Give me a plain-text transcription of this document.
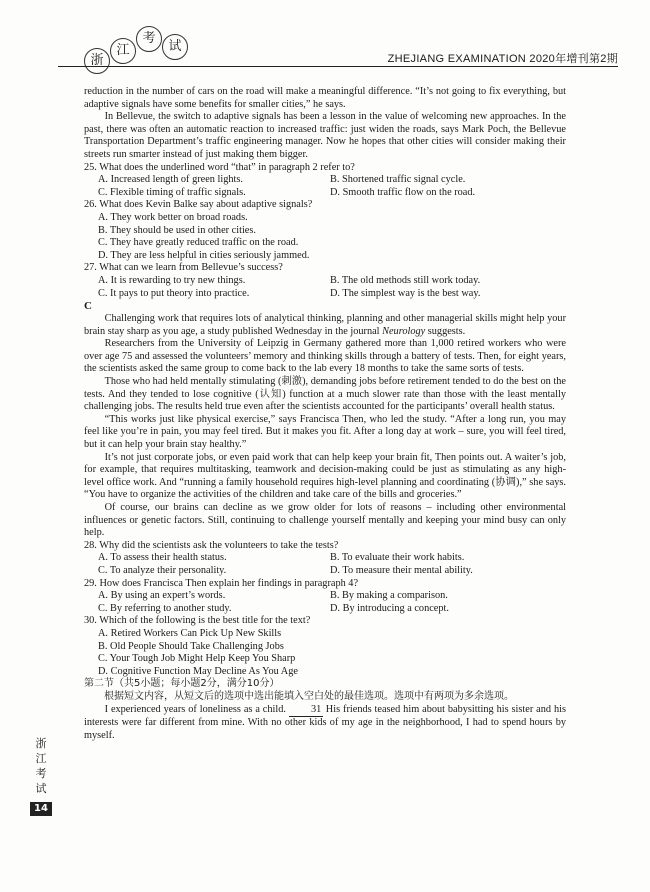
浙
江
考
试
ZHEJIANG EXAMINATION 2020年增刊第2期

reduction in the number of cars on the road will make a meaningful difference. “It’s not going to fix everything, but adaptive signals have some benefits for smaller cities,” he says.

In Bellevue, the switch to adaptive signals has been a lesson in the value of welcoming new approaches. In the past, there was often an automatic reaction to increased traffic: just widen the roads, says Mark Poch, the Bellevue Transportation Department’s traffic engineering manager. Now he hopes that other cities will consider making their streets run smarter instead of just making them bigger.

25. What does the underlined word “that” in paragraph 2 refer to?

A. Increased length of green lights.	B. Shortened traffic signal cycle.
C. Flexible timing of traffic signals.	D. Smooth traffic flow on the road.

26. What does Kevin Balke say about adaptive signals?

A. They work better on broad roads.
B. They should be used in other cities.
C. They have greatly reduced traffic on the road.
D. They are less helpful in cities seriously jammed.

27. What can we learn from Bellevue’s success?

A. It is rewarding to try new things.	B. The old methods still work today.
C. It pays to put theory into practice.	D. The simplest way is the best way.

C

Challenging work that requires lots of analytical thinking, planning and other managerial skills might help your brain stay sharp as you age, a study published Wednesday in the journal Neurology suggests.

Researchers from the University of Leipzig in Germany gathered more than 1,000 retired workers who were over age 75 and assessed the volunteers’ memory and thinking skills through a battery of tests. Then, for eight years, the scientists asked the same group to come back to the lab every 18 months to take the same sorts of tests.

Those who had held mentally stimulating (刺激), demanding jobs before retirement tended to do the best on the tests. And they tended to lose cognitive (认知) function at a much slower rate than those with the least mentally challenging jobs. The results held true even after the scientists accounted for the participants’ overall health status.

“This works just like physical exercise,” says Francisca Then, who led the study. “After a long run, you may feel like you’re in pain, you may feel tired. But it makes you fit. After a long day at work – sure, you will feel tired, but it can help your brain stay healthy.”

It’s not just corporate jobs, or even paid work that can help keep your brain fit, Then points out. A waiter’s job, for example, that requires multitasking, teamwork and decision-making could be just as stimulating as any high-level office work. And “running a family household requires high-level planning and coordinating (协调),” she says. “You have to organize the activities of the children and take care of the bills and groceries.”

Of course, our brains can decline as we grow older for lots of reasons – including other environmental influences or genetic factors. Still, continuing to challenge yourself mentally and keeping your mind busy can only help.

28. Why did the scientists ask the volunteers to take the tests?

A. To assess their health status.	B. To evaluate their work habits.
C. To analyze their personality.	D. To measure their mental ability.

29. How does Francisca Then explain her findings in paragraph 4?

A. By using an expert’s words.	B. By making a comparison.
C. By referring to another study.	D. By introducing a concept.

30. Which of the following is the best title for the text?

A. Retired Workers Can Pick Up New Skills
B. Old People Should Take Challenging Jobs
C. Your Tough Job Might Help Keep You Sharp
D. Cognitive Function May Decline As You Age

第二节（共5小题；每小题2分，满分10分）

根据短文内容，从短文后的选项中选出能填入空白处的最佳选项。选项中有两项为多余选项。

I experienced years of loneliness as a child. 31 His friends teased him about babysitting his sister and his interests were far different from mine. With no other kids of my age in the neighborhood, I had to spend hours by myself.

浙
江
考
试
14
